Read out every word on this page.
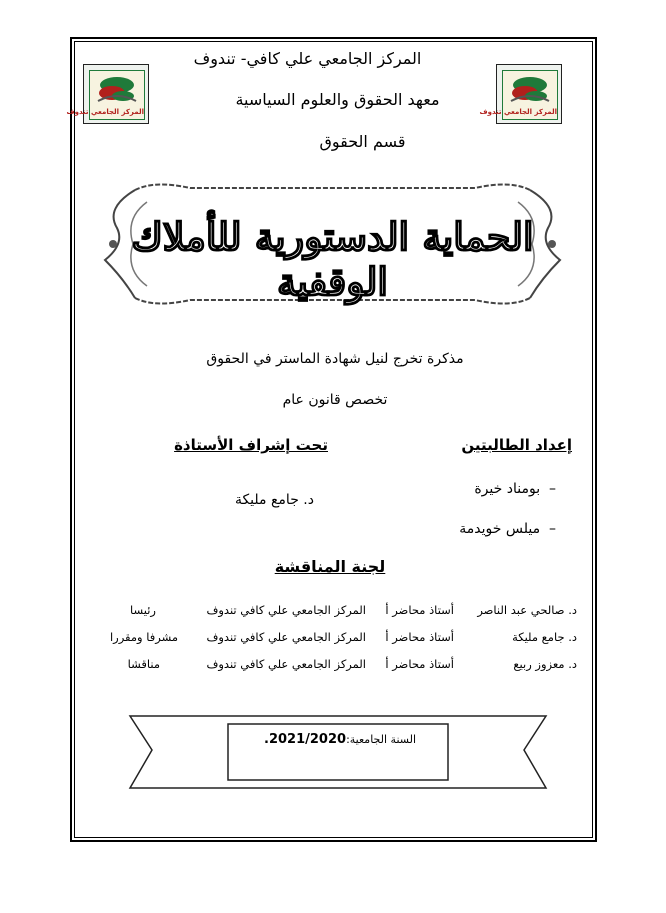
المركز الجامعي تندوف	المركز الجامعي تندوف
المركز الجامعي علي كافي- تندوف
معهد الحقوق والعلوم السياسية
قسم الحقوق
الحماية الدستورية للأملاك الوقفية
مذكرة تخرج لنيل شهادة الماستر في الحقوق
تخصص قانون عام
إعداد الطالبتين
تحت إشراف الأستاذة
–  بومناد خيرة
–  ميلس خويدمة
د. جامع مليكة
لجنة المناقشة
د. صالحي عبد الناصر
أستاذ محاضر أ
المركز الجامعي علي كافي تندوف
رئيسا
د. جامع مليكة
أستاذ محاضر أ
المركز الجامعي علي كافي تندوف
مشرفا ومقررا
د. معزوز ربيع
أستاذ محاضر أ
المركز الجامعي علي كافي تندوف
مناقشا
السنة الجامعية:2021/2020.
